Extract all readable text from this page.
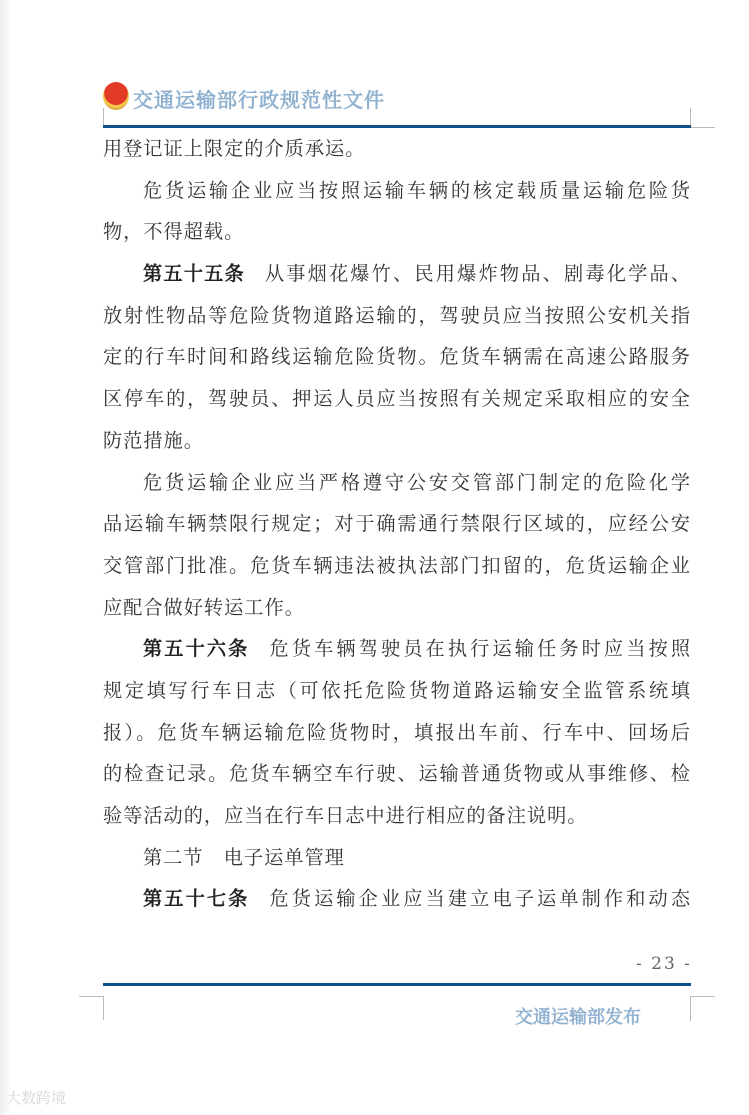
交通运输部行政规范性文件
用登记证上限定的介质承运。
危货运输企业应当按照运输车辆的核定载质量运输危险货
物，不得超载。
第五十五条 从事烟花爆竹、民用爆炸物品、剧毒化学品、
放射性物品等危险货物道路运输的，驾驶员应当按照公安机关指
定的行车时间和路线运输危险货物。危货车辆需在高速公路服务
区停车的，驾驶员、押运人员应当按照有关规定采取相应的安全
防范措施。
危货运输企业应当严格遵守公安交管部门制定的危险化学
品运输车辆禁限行规定；对于确需通行禁限行区域的，应经公安
交管部门批准。危货车辆违法被执法部门扣留的，危货运输企业
应配合做好转运工作。
第五十六条 危货车辆驾驶员在执行运输任务时应当按照
规定填写行车日志（可依托危险货物道路运输安全监管系统填
报）。危货车辆运输危险货物时，填报出车前、行车中、回场后
的检查记录。危货车辆空车行驶、运输普通货物或从事维修、检
验等活动的，应当在行车日志中进行相应的备注说明。
第二节　电子运单管理
第五十七条 危货运输企业应当建立电子运单制作和动态
- 23 -
交通运输部发布
大数跨境
